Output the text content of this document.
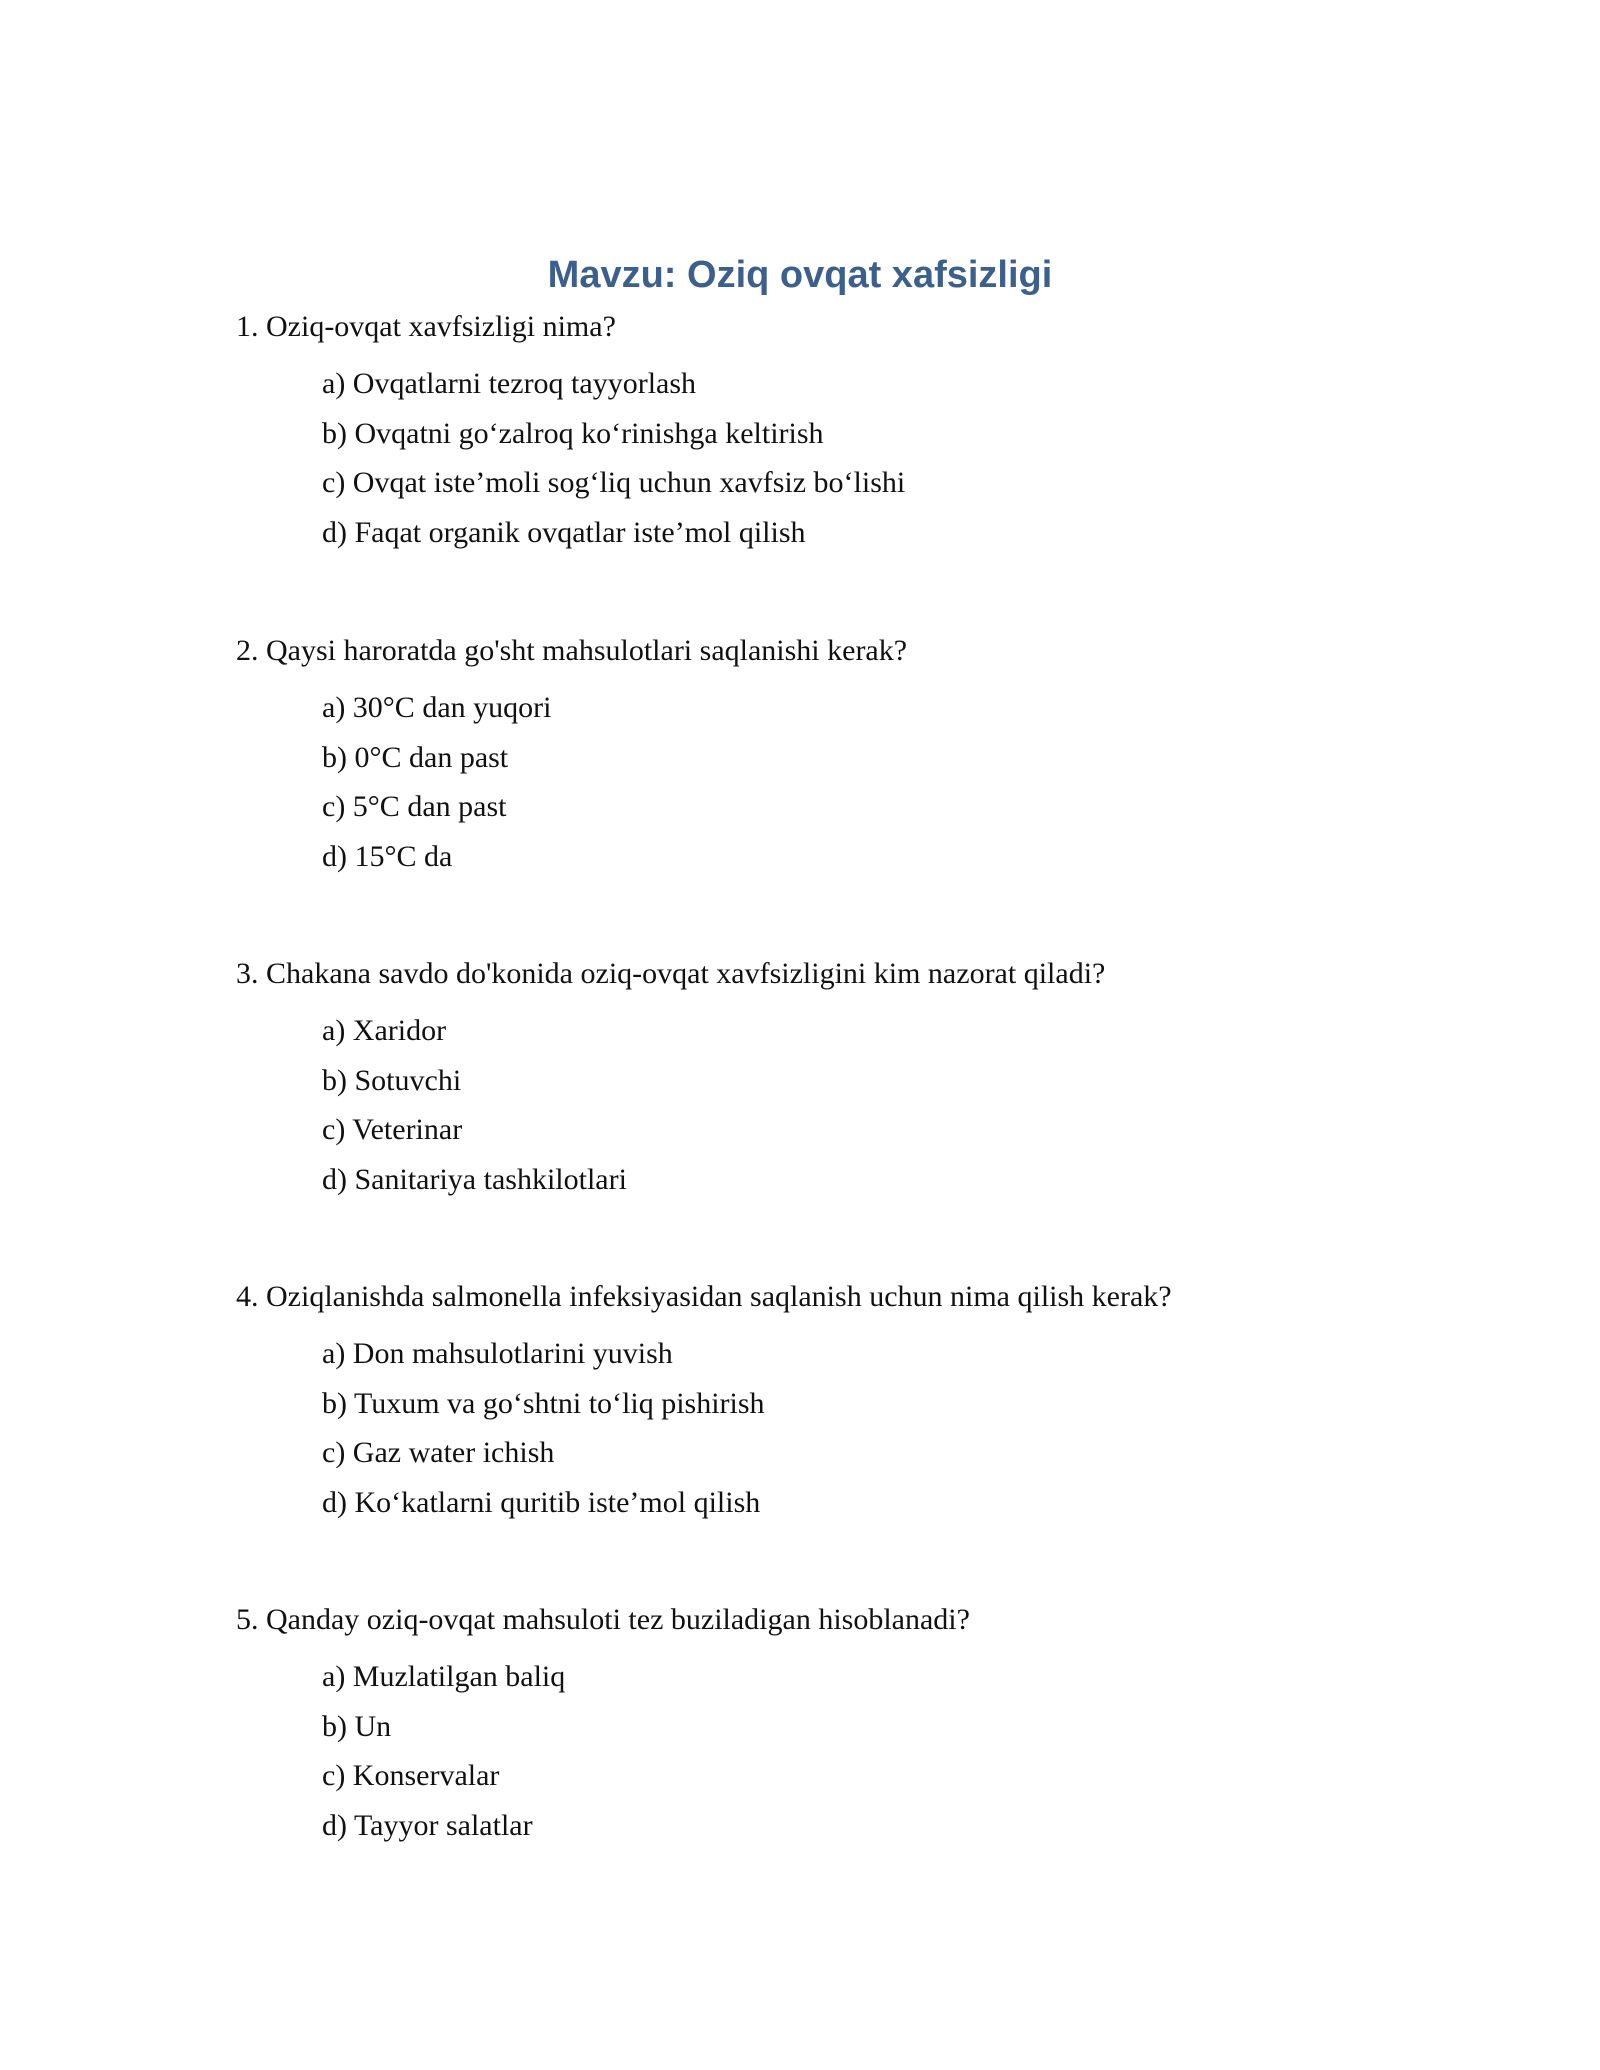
Mavzu: Oziq ovqat xafsizligi

1. Oziq-ovqat xavfsizligi nima?

a) Ovqatlarni tezroq tayyorlash
b) Ovqatni go‘zalroq ko‘rinishga keltirish
c) Ovqat iste’moli sog‘liq uchun xavfsiz bo‘lishi
d) Faqat organik ovqatlar iste’mol qilish

2. Qaysi haroratda go'sht mahsulotlari saqlanishi kerak?

a) 30°C dan yuqori
b) 0°C dan past
c) 5°C dan past
d) 15°C da

3. Chakana savdo do'konida oziq-ovqat xavfsizligini kim nazorat qiladi?

a) Xaridor
b) Sotuvchi
c) Veterinar
d) Sanitariya tashkilotlari

4. Oziqlanishda salmonella infeksiyasidan saqlanish uchun nima qilish kerak?

a) Don mahsulotlarini yuvish
b) Tuxum va go‘shtni to‘liq pishirish
c) Gaz water ichish
d) Ko‘katlarni quritib iste’mol qilish

5. Qanday oziq-ovqat mahsuloti tez buziladigan hisoblanadi?

a) Muzlatilgan baliq
b) Un
c) Konservalar
d) Tayyor salatlar
